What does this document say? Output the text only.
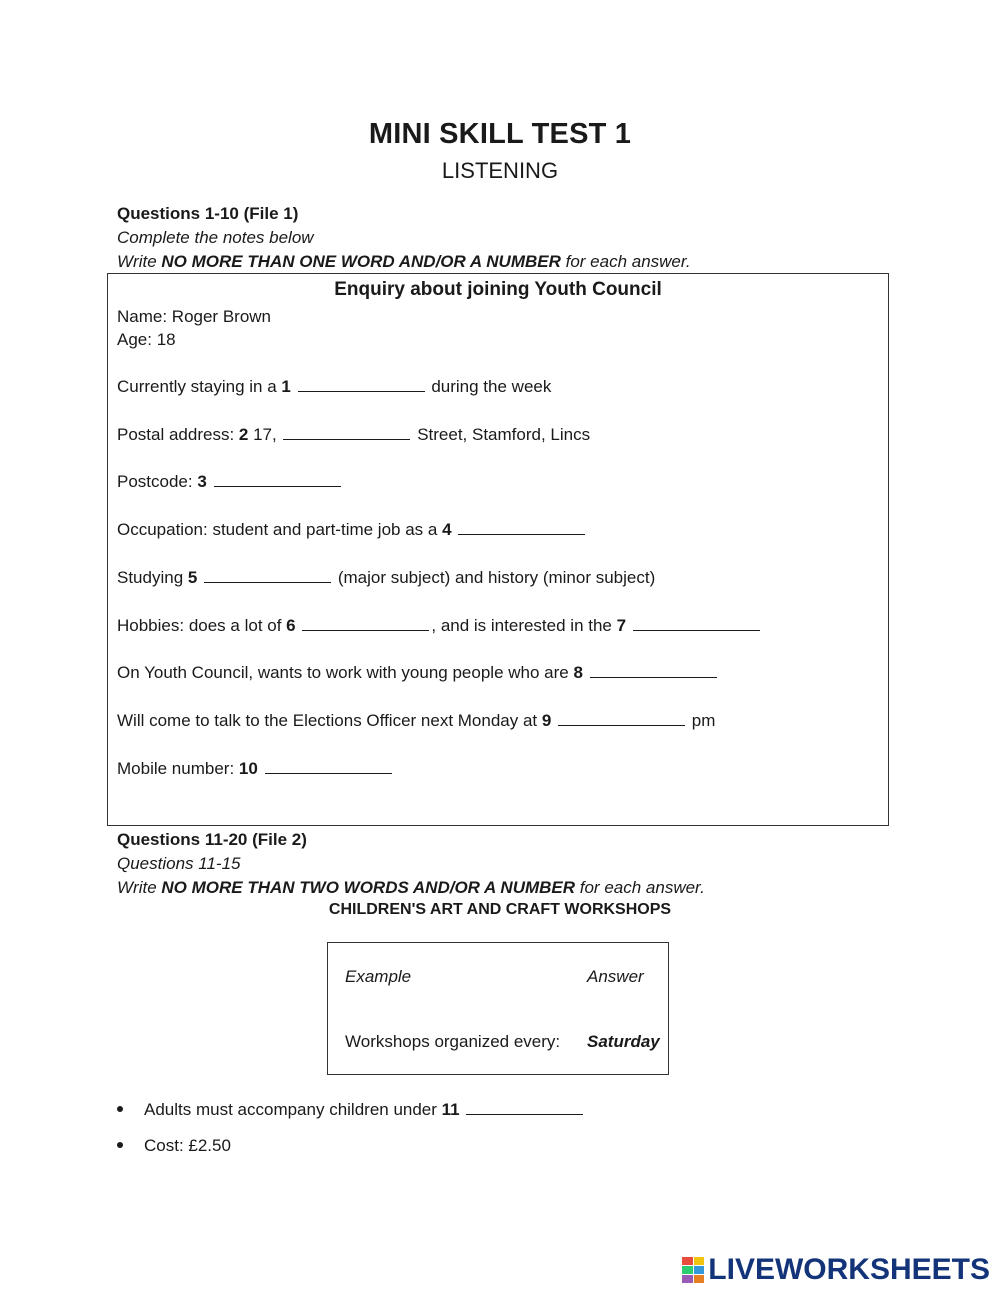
MINI SKILL TEST 1
LISTENING
Questions 1-10 (File 1)
Complete the notes below
Write NO MORE THAN ONE WORD AND/OR A NUMBER for each answer.
Enquiry about joining Youth Council
Name: Roger Brown
Age: 18
Currently staying in a 1	during the week
Postal address: 2 17,	Street, Stamford, Lincs
Postcode: 3
Occupation: student and part-time job as a 4
Studying 5	(major subject) and history (minor subject)
Hobbies: does a lot of 6	, and is interested in the 7
On Youth Council, wants to work with young people who are 8
Will come to talk to the Elections Officer next Monday at 9	pm
Mobile number: 10
Questions 11-20 (File 2)
Questions 11-15
Write NO MORE THAN TWO WORDS AND/OR A NUMBER for each answer.
CHILDREN'S ART AND CRAFT WORKSHOPS
Example	Answer
Workshops organized every: Saturday
Adults must accompany children under 11
Cost: £2.50
LIVEWORKSHEETS
